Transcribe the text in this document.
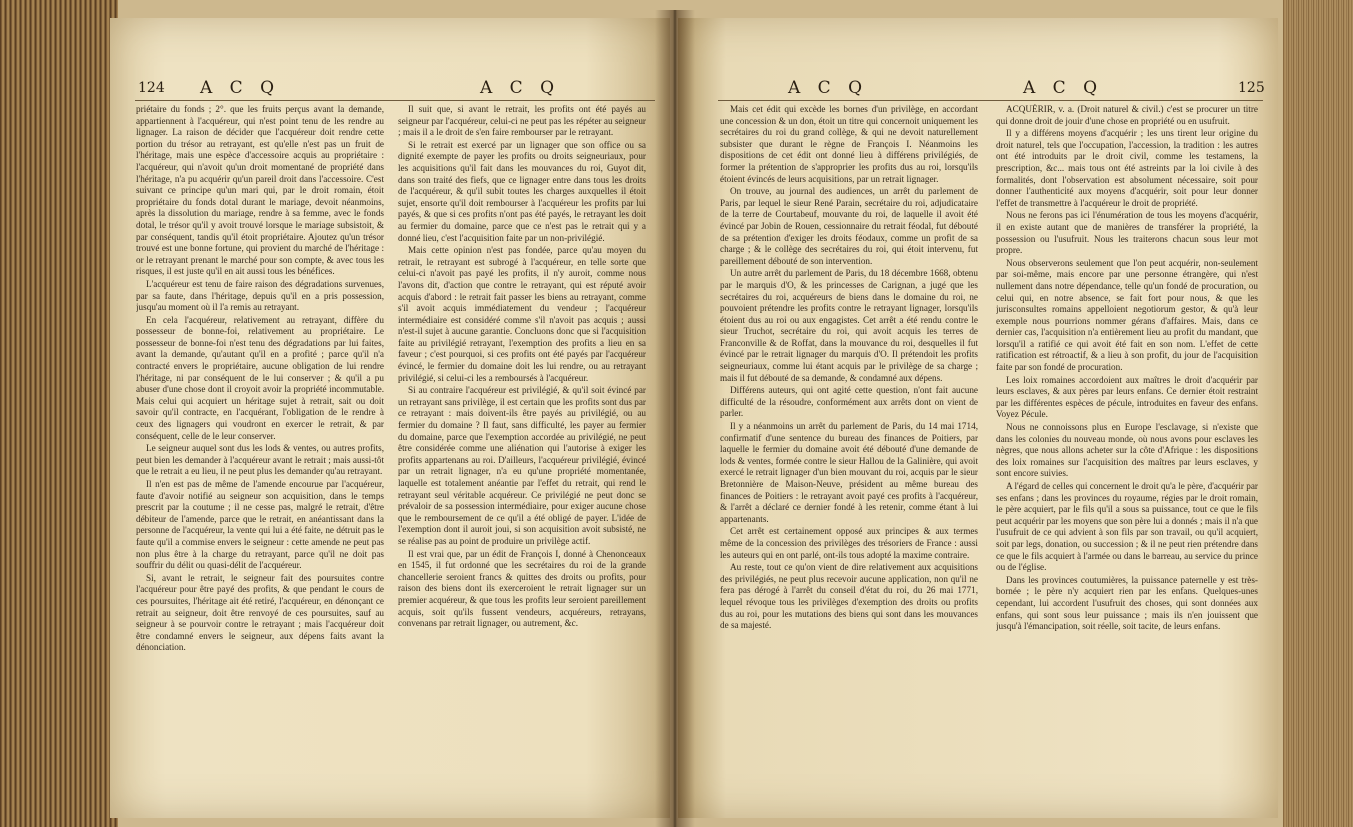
124 A C Q	A C Q

priétaire du fonds ; 2°. que les fruits perçus avant la demande, appartiennent à l'acquéreur, qui n'est point tenu de les rendre au lignager. La raison de décider que l'acquéreur doit rendre cette portion du trésor au retrayant, est qu'elle n'est pas un fruit de l'héritage, mais une espèce d'accessoire acquis au propriétaire : l'acquéreur, qui n'avoit qu'un droit momentané de propriété dans l'héritage, n'a pu acquérir qu'un pareil droit dans l'accessoire. C'est suivant ce principe qu'un mari qui, par le droit romain, étoit propriétaire du fonds dotal durant le mariage, devoit néanmoins, après la dissolution du mariage, rendre à sa femme, avec le fonds dotal, le trésor qu'il y avoit trouvé lorsque le mariage subsistoit, & par conséquent, tandis qu'il étoit propriétaire. Ajoutez qu'un trésor trouvé est une bonne fortune, qui provient du marché de l'héritage : or le retrayant prenant le marché pour son compte, & avec tous les risques, il est juste qu'il en ait aussi tous les bénéfices.

L'acquéreur est tenu de faire raison des dégradations survenues, par sa faute, dans l'héritage, depuis qu'il en a pris possession, jusqu'au moment où il l'a remis au retrayant.

En cela l'acquéreur, relativement au retrayant, diffère du possesseur de bonne-foi, relativement au propriétaire. Le possesseur de bonne-foi n'est tenu des dégradations par lui faites, avant la demande, qu'autant qu'il en a profité ; parce qu'il n'a contracté envers le propriétaire, aucune obligation de lui rendre l'héritage, ni par conséquent de le lui conserver ; & qu'il a pu abuser d'une chose dont il croyoit avoir la propriété incommutable. Mais celui qui acquiert un héritage sujet à retrait, sait ou doit savoir qu'il contracte, en l'acquérant, l'obligation de le rendre à ceux des lignagers qui voudront en exercer le retrait, & par conséquent, celle de le leur conserver.

Le seigneur auquel sont dus les lods & ventes, ou autres profits, peut bien les demander à l'acquéreur avant le retrait ; mais aussi-tôt que le retrait a eu lieu, il ne peut plus les demander qu'au retrayant.

Il n'en est pas de même de l'amende encourue par l'acquéreur, faute d'avoir notifié au seigneur son acquisition, dans le temps prescrit par la coutume ; il ne cesse pas, malgré le retrait, d'être débiteur de l'amende, parce que le retrait, en anéantissant dans la personne de l'acquéreur, la vente qui lui a été faite, ne détruit pas le faute qu'il a commise envers le seigneur : cette amende ne peut pas non plus être à la charge du retrayant, parce qu'il ne doit pas souffrir du délit ou quasi-délit de l'acquéreur.

Si, avant le retrait, le seigneur fait des poursuites contre l'acquéreur pour être payé des profits, & que pendant le cours de ces poursuites, l'héritage ait été retiré, l'acquéreur, en dénonçant ce retrait au seigneur, doit être renvoyé de ces poursuites, sauf au seigneur à se pourvoir contre le retrayant ; mais l'acquéreur doit être condamné envers le seigneur, aux dépens faits avant la dénonciation.

Il suit que, si avant le retrait, les profits ont été payés au seigneur par l'acquéreur, celui-ci ne peut pas les répéter au seigneur ; mais il a le droit de s'en faire rembourser par le retrayant.

Si le retrait est exercé par un lignager que son office ou sa dignité exempte de payer les profits ou droits seigneuriaux, pour les acquisitions qu'il fait dans les mouvances du roi, Guyot dit, dans son traité des fiefs, que ce lignager entre dans tous les droits de l'acquéreur, & qu'il subit toutes les charges auxquelles il étoit sujet, ensorte qu'il doit rembourser à l'acquéreur les profits par lui payés, & que si ces profits n'ont pas été payés, le retrayant les doit au fermier du domaine, parce que ce n'est pas le retrait qui y a donné lieu, c'est l'acquisition faite par un non-privilégié.

Mais cette opinion n'est pas fondée, parce qu'au moyen du retrait, le retrayant est subrogé à l'acquéreur, en telle sorte que celui-ci n'avoit pas payé les profits, il n'y auroit, comme nous l'avons dit, d'action que contre le retrayant, qui est réputé avoir acquis d'abord : le retrait fait passer les biens au retrayant, comme s'il avoit acquis immédiatement du vendeur ; l'acquéreur intermédiaire est considéré comme s'il n'avoit pas acquis ; aussi n'est-il sujet à aucune garantie. Concluons donc que si l'acquisition faite au privilégié retrayant, l'exemption des profits a lieu en sa faveur ; c'est pourquoi, si ces profits ont été payés par l'acquéreur évincé, le fermier du domaine doit les lui rendre, ou au retrayant privilégié, si celui-ci les a remboursés à l'acquéreur.

Si au contraire l'acquéreur est privilégié, & qu'il soit évincé par un retrayant sans privilège, il est certain que les profits sont dus par ce retrayant : mais doivent-ils être payés au privilégié, ou au fermier du domaine ? Il faut, sans difficulté, les payer au fermier du domaine, parce que l'exemption accordée au privilégié, ne peut être considérée comme une aliénation qui l'autorise à exiger les profits appartenans au roi. D'ailleurs, l'acquéreur privilégié, évincé par un retrait lignager, n'a eu qu'une propriété momentanée, laquelle est totalement anéantie par l'effet du retrait, qui rend le retrayant seul véritable acquéreur. Ce privilégié ne peut donc se prévaloir de sa possession intermédiaire, pour exiger aucune chose que le remboursement de ce qu'il a été obligé de payer. L'idée de l'exemption dont il auroit joui, si son acquisition avoit subsisté, ne se réalise pas au point de produire un privilège actif.

Il est vrai que, par un édit de François I, donné à Chenonceaux en 1545, il fut ordonné que les secrétaires du roi de la grande chancellerie seroient francs & quittes des droits ou profits, pour raison des biens dont ils exerceroient le retrait lignager sur un premier acquéreur, & que tous les profits leur seroient pareillement acquis, soit qu'ils fussent vendeurs, acquéreurs, retrayans, convenans par retrait lignager, ou autrement, &c.

A C Q	A C Q	125

Mais cet édit qui excède les bornes d'un privilège, en accordant une concession & un don, étoit un titre qui concernoit uniquement les secrétaires du roi du grand collège, & qui ne devoit naturellement subsister que durant le règne de François I. Néanmoins les dispositions de cet édit ont donné lieu à différens privilégiés, de former la prétention de s'approprier les profits dus au roi, lorsqu'ils étoient évincés de leurs acquisitions, par un retrait lignager.

On trouve, au journal des audiences, un arrêt du parlement de Paris, par lequel le sieur René Parain, secrétaire du roi, adjudicataire de la terre de Courtabeuf, mouvante du roi, de laquelle il avoit été évincé par Jobin de Rouen, cessionnaire du retrait féodal, fut débouté de sa prétention d'exiger les droits féodaux, comme un profit de sa charge ; & le collège des secrétaires du roi, qui étoit intervenu, fut pareillement débouté de son intervention.

Un autre arrêt du parlement de Paris, du 18 décembre 1668, obtenu par le marquis d'O, & les princesses de Carignan, a jugé que les secrétaires du roi, acquéreurs de biens dans le domaine du roi, ne pouvoient prétendre les profits contre le retrayant lignager, lorsqu'ils étoient dus au roi ou aux engagistes. Cet arrêt a été rendu contre le sieur Truchot, secrétaire du roi, qui avoit acquis les terres de Franconville & de Roffat, dans la mouvance du roi, desquelles il fut évincé par le retrait lignager du marquis d'O. Il prétendoit les profits seigneuriaux, comme lui étant acquis par le privilège de sa charge ; mais il fut débouté de sa demande, & condamné aux dépens.

Différens auteurs, qui ont agité cette question, n'ont fait aucune difficulté de la résoudre, conformément aux arrêts dont on vient de parler.

Il y a néanmoins un arrêt du parlement de Paris, du 14 mai 1714, confirmatif d'une sentence du bureau des finances de Poitiers, par laquelle le fermier du domaine avoit été débouté d'une demande de lods & ventes, formée contre le sieur Hallou de la Galinière, qui avoit exercé le retrait lignager d'un bien mouvant du roi, acquis par le sieur Bretonnière de Maison-Neuve, président au même bureau des finances de Poitiers : le retrayant avoit payé ces profits à l'acquéreur, & l'arrêt a déclaré ce dernier fondé à les retenir, comme étant à lui appartenants.

Cet arrêt est certainement opposé aux principes & aux termes même de la concession des privilèges des trésoriers de France : aussi les auteurs qui en ont parlé, ont-ils tous adopté la maxime contraire.

Au reste, tout ce qu'on vient de dire relativement aux acquisitions des privilégiés, ne peut plus recevoir aucune application, non qu'il ne fera pas dérogé à l'arrêt du conseil d'état du roi, du 26 mai 1771, lequel révoque tous les privilèges d'exemption des droits ou profits dus au roi, pour les mutations des biens qui sont dans les mouvances de sa majesté.

ACQUÉRIR, v. a. (Droit naturel & civil.) c'est se procurer un titre qui donne droit de jouir d'une chose en propriété ou en usufruit.

Il y a différens moyens d'acquérir ; les uns tirent leur origine du droit naturel, tels que l'occupation, l'accession, la tradition : les autres ont été introduits par le droit civil, comme les testamens, la prescription, &c... mais tous ont été astreints par la loi civile à des formalités, dont l'observation est absolument nécessaire, soit pour donner l'authenticité aux moyens d'acquérir, soit pour leur donner l'effet de transmettre à l'acquéreur le droit de propriété.

Nous ne ferons pas ici l'énumération de tous les moyens d'acquérir, il en existe autant que de manières de transférer la propriété, la possession ou l'usufruit. Nous les traiterons chacun sous leur mot propre.

Nous observerons seulement que l'on peut acquérir, non-seulement par soi-même, mais encore par une personne étrangère, qui n'est nullement dans notre dépendance, telle qu'un fondé de procuration, ou celui qui, en notre absence, se fait fort pour nous, & que les jurisconsultes romains appelloient negotiorum gestor, & qu'à leur exemple nous pourrions nommer gérans d'affaires. Mais, dans ce dernier cas, l'acquisition n'a entièrement lieu au profit du mandant, que lorsqu'il a ratifié ce qui avoit été fait en son nom. L'effet de cette ratification est rétroactif, & a lieu à son profit, du jour de l'acquisition faite par son fondé de procuration.

Les loix romaines accordoient aux maîtres le droit d'acquérir par leurs esclaves, & aux pères par leurs enfans. Ce dernier étoit restraint par les différentes espèces de pécule, introduites en faveur des enfans. Voyez Pécule.

Nous ne connoissons plus en Europe l'esclavage, si n'existe que dans les colonies du nouveau monde, où nous avons pour esclaves les nègres, que nous allons acheter sur la côte d'Afrique : les dispositions des loix romaines sur l'acquisition des maîtres par leurs esclaves, y sont encore suivies.

A l'égard de celles qui concernent le droit qu'a le père, d'acquérir par ses enfans ; dans les provinces du royaume, régies par le droit romain, le père acquiert, par le fils qu'il a sous sa puissance, tout ce que le fils peut acquérir par les moyens que son père lui a donnés ; mais il n'a que l'usufruit de ce qui advient à son fils par son travail, ou qu'il acquiert, soit par legs, donation, ou succession ; & il ne peut rien prétendre dans ce que le fils acquiert à l'armée ou dans le barreau, au service du prince ou de l'église.

Dans les provinces coutumières, la puissance paternelle y est très-bornée ; le père n'y acquiert rien par les enfans. Quelques-unes cependant, lui accordent l'usufruit des choses, qui sont données aux enfans, qui sont sous leur puissance ; mais ils n'en jouissent que jusqu'à l'émancipation, soit réelle, soit tacite, de leurs enfans.
